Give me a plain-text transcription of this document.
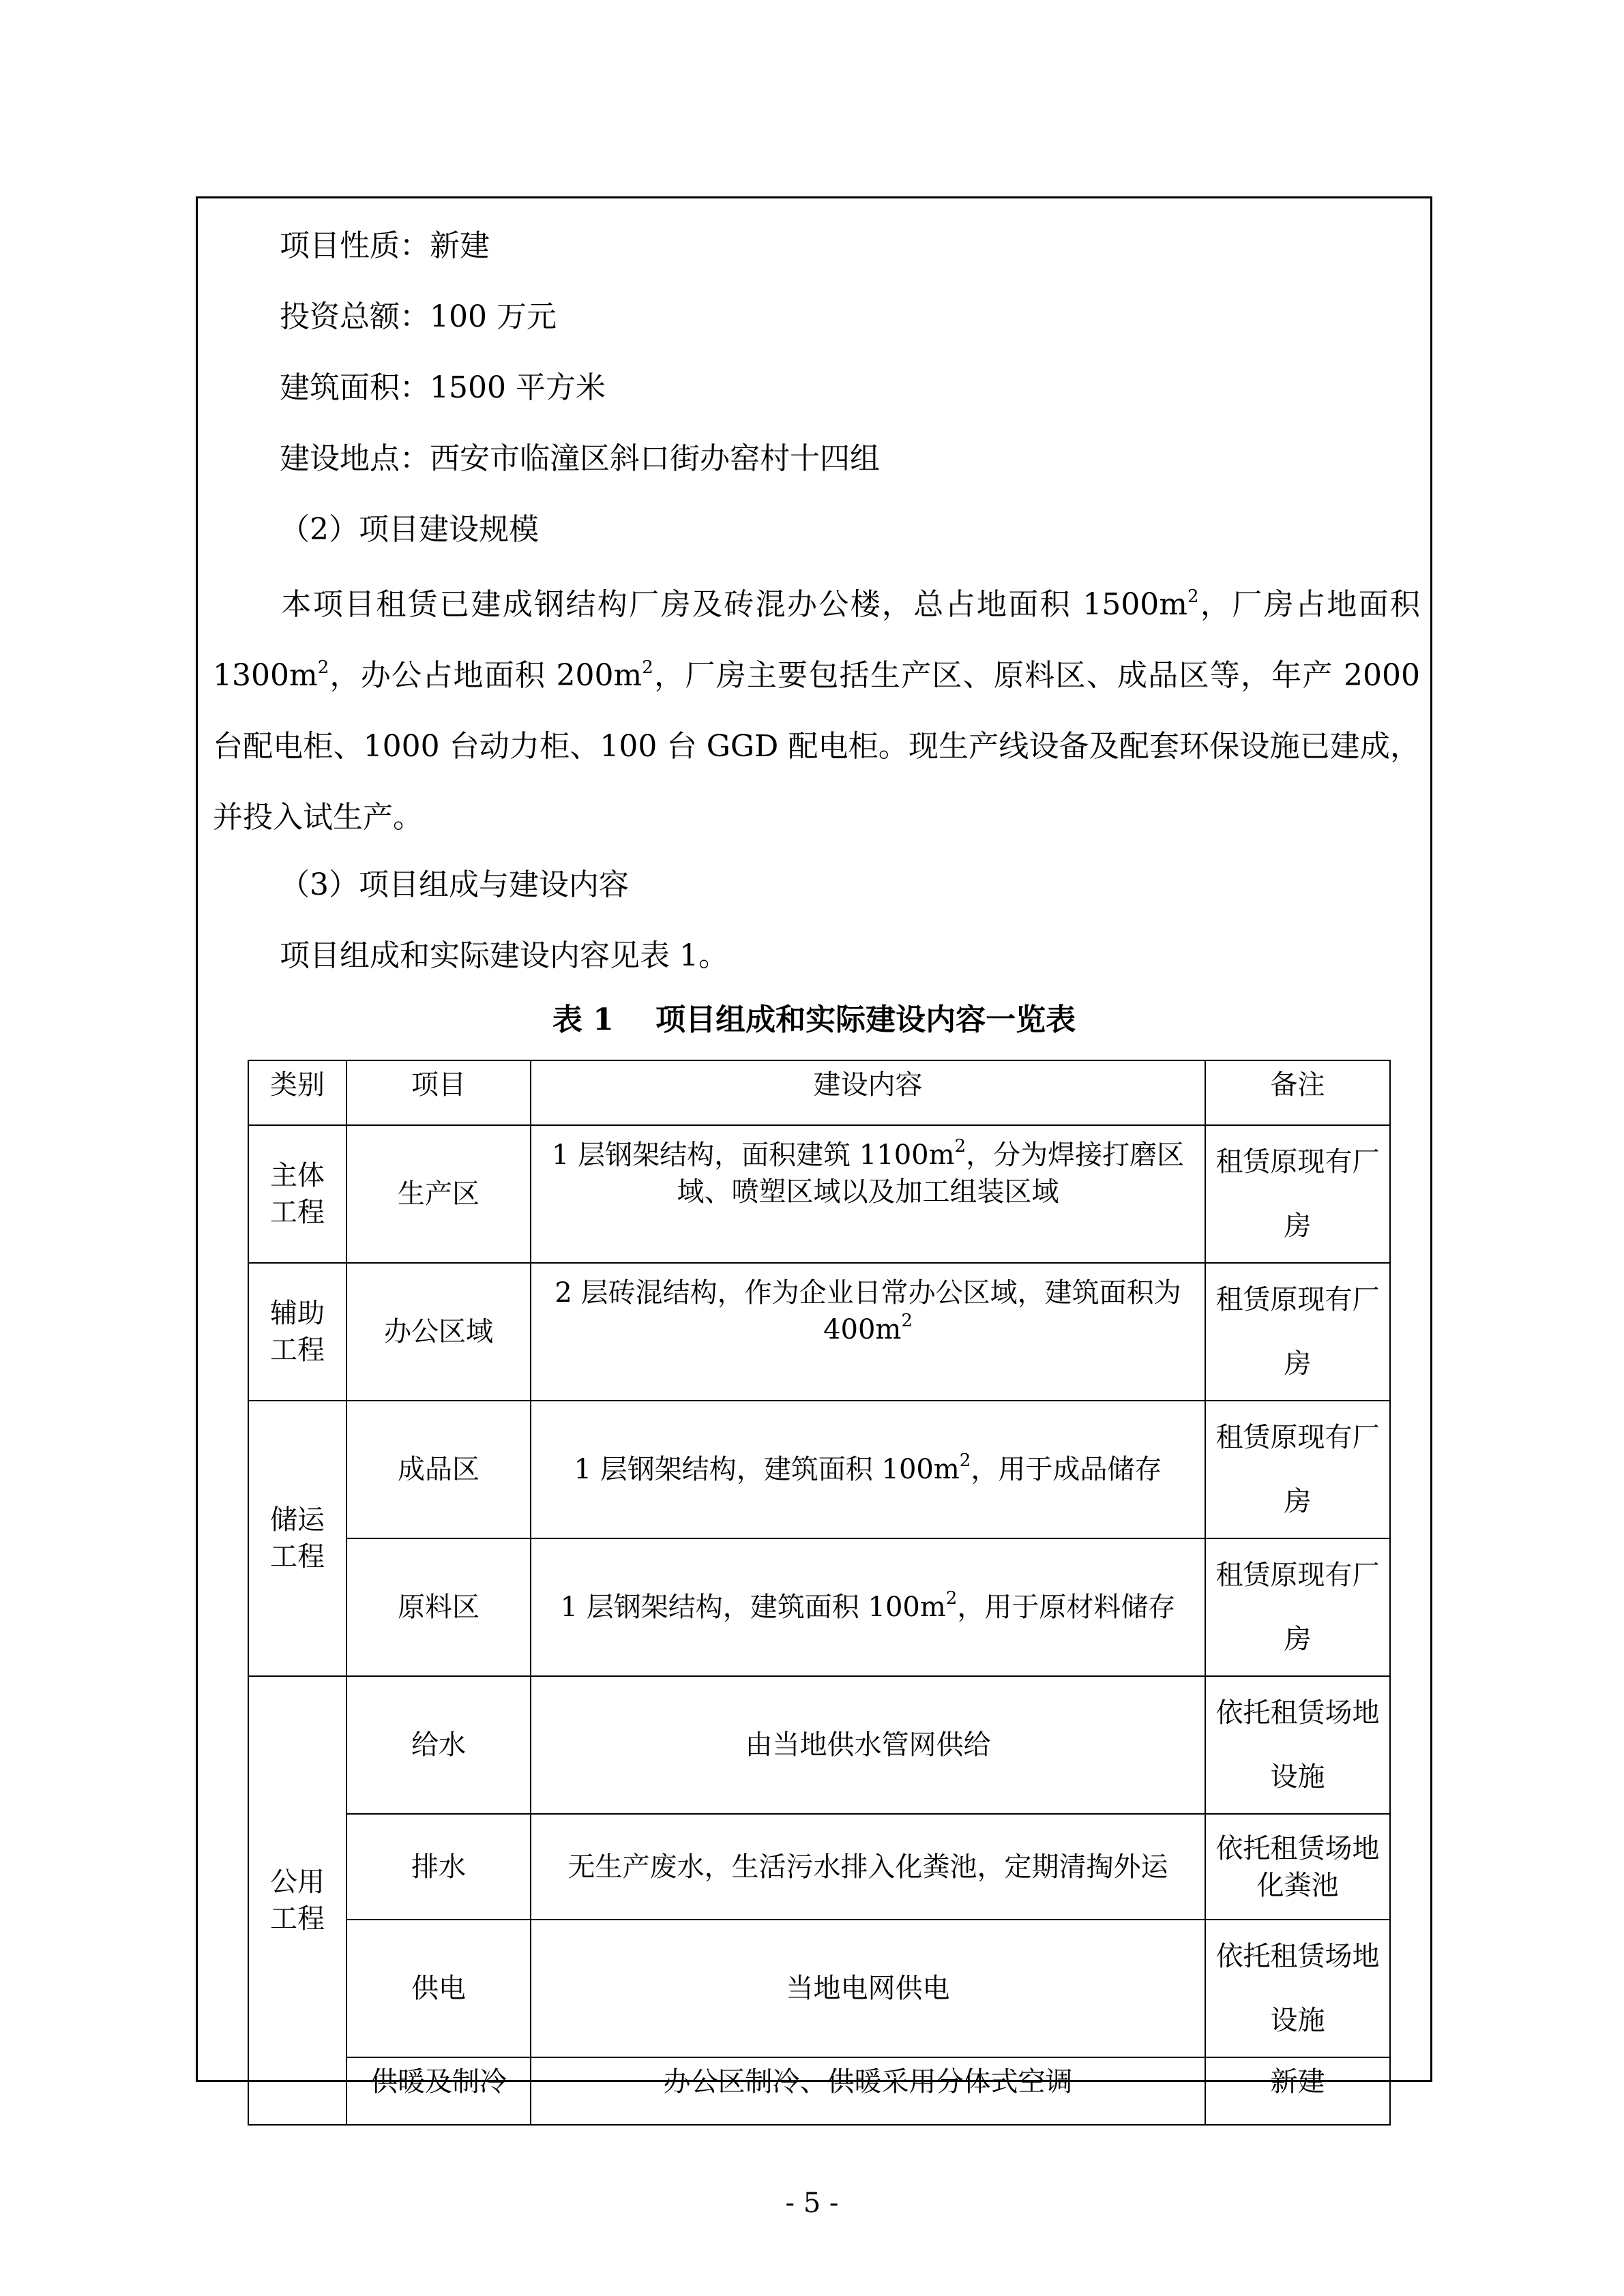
项目性质：新建
投资总额：100 万元
建筑面积：1500 平方米
建设地点：西安市临潼区斜口街办窑村十四组
（2）项目建设规模
本项目租赁已建成钢结构厂房及砖混办公楼，总占地面积 $1500m^2$，厂房占地面积 $1300m^2$，办公占地面积 $200m^2$，厂房主要包括生产区、原料区、成品区等，年产 2000 台配电柜、1000 台动力柜、100 台 GGD 配电柜。现生产线设备及配套环保设施已建成，并投入试生产。
（3）项目组成与建设内容
项目组成和实际建设内容见表 1。
表 1    项目组成和实际建设内容一览表
类别	项目	建设内容	备注
主体工程	生产区	1 层钢架结构，面积建筑 $1100m^2$，分为焊接打磨区域、喷塑区域以及加工组装区域	租赁原现有厂房
辅助工程	办公区域	2 层砖混结构，作为企业日常办公区域，建筑面积为 $400m^2$	租赁原现有厂房
储运工程	成品区	1 层钢架结构，建筑面积 $100m^2$，用于成品储存	租赁原现有厂房
	原料区	1 层钢架结构，建筑面积 $100m^2$，用于原材料储存	租赁原现有厂房
公用工程	给水	由当地供水管网供给	依托租赁场地设施
	排水	无生产废水，生活污水排入化粪池，定期清掏外运	依托租赁场地化粪池
	供电	当地电网供电	依托租赁场地设施
	供暖及制冷	办公区制冷、供暖采用分体式空调	新建
- 5 -
